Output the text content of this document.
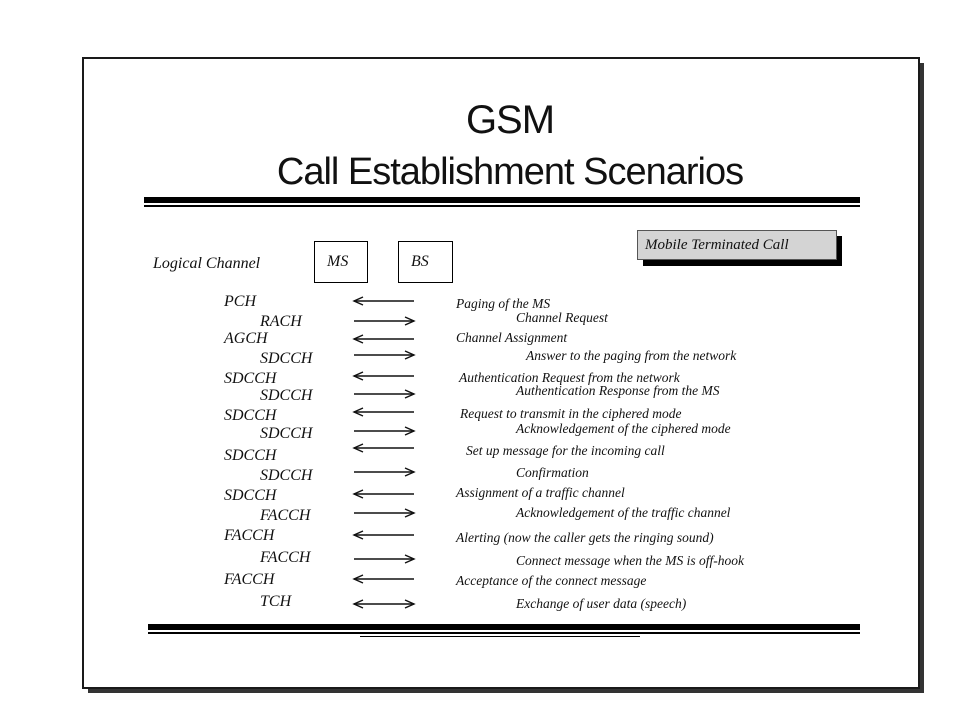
GSM
Call Establishment Scenarios
Logical Channel	MS	BS
Mobile Terminated Call
PCH	Paging of the MS
RACH	Channel Request
AGCH	Channel Assignment
SDCCH	Answer to the paging from the network
SDCCH	Authentication Request from the network
SDCCH	Authentication Response from the MS
SDCCH	Request to transmit in the ciphered mode
SDCCH	Acknowledgement of the ciphered mode
SDCCH	Set up message for the incoming call
SDCCH	Confirmation
SDCCH	Assignment of a traffic channel
FACCH	Acknowledgement of the traffic channel
FACCH	Alerting (now the caller gets the ringing sound)
FACCH	Connect message when the MS is off-hook
FACCH	Acceptance of the connect message
TCH	Exchange of user data (speech)
